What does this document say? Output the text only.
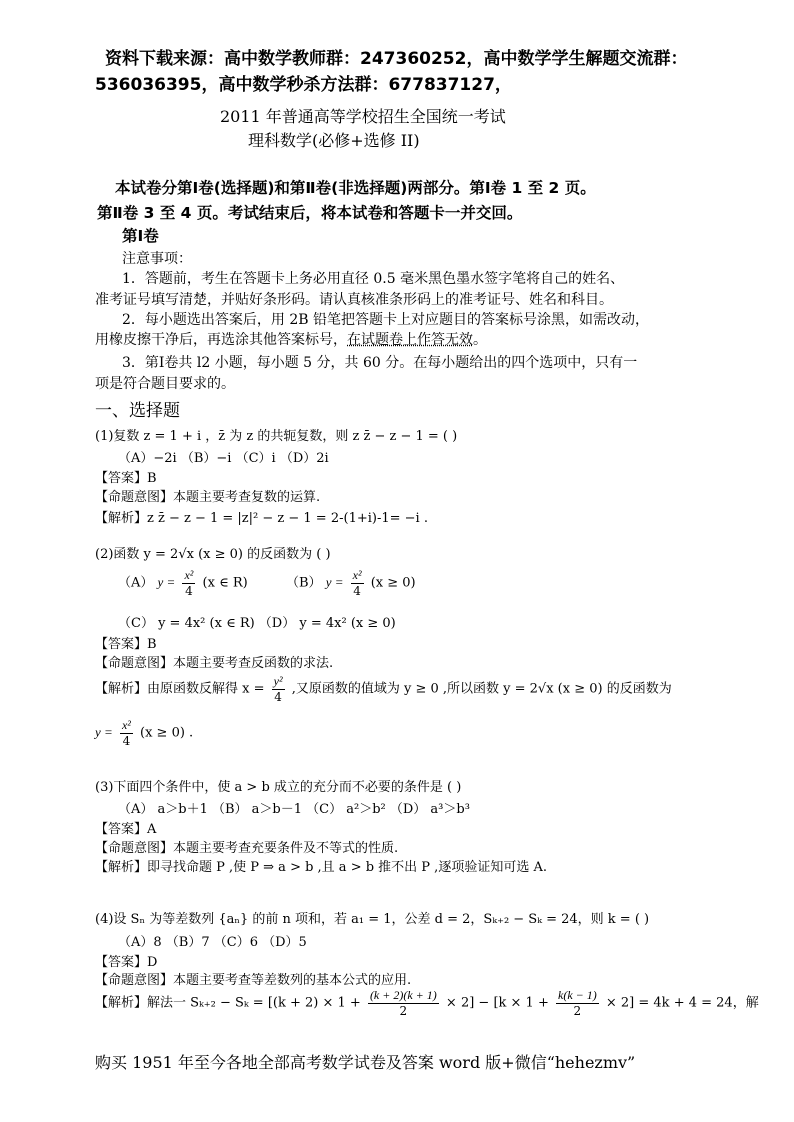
资料下载来源：高中数学教师群：247360252，高中数学学生解题交流群：
536036395，高中数学秒杀方法群：677837127，
2011 年普通高等学校招生全国统一考试
理科数学(必修+选修 II)
本试卷分第Ⅰ卷(选择题)和第Ⅱ卷(非选择题)两部分。第Ⅰ卷 1 至 2 页。
第Ⅱ卷 3 至 4 页。考试结束后，将本试卷和答题卡一并交回。
第Ⅰ卷
注意事项：
1．答题前，考生在答题卡上务必用直径 0.5 毫米黑色墨水签字笔将自己的姓名、
准考证号填写清楚，并贴好条形码。请认真核准条形码上的准考证号、姓名和科目。
2．每小题选出答案后，用 2B 铅笔把答题卡上对应题目的答案标号涂黑，如需改动，
用橡皮擦干净后，再选涂其他答案标号，在试题卷上作答无效。
3．第Ⅰ卷共 l2 小题，每小题 5 分，共 60 分。在每小题给出的四个选项中，只有一
项是符合题目要求的。
一、选择题
(1)复数 z = 1 + i ，z̄ 为 z 的共轭复数，则 z z̄ − z − 1 = ( )
（A）−2i （B）−i （C）i （D）2i
【答案】B
【命题意图】本题主要考查复数的运算.
【解析】z z̄ − z − 1 = |z|² − z − 1 = 2-(1+i)-1= −i .
(2)函数 y = 2√x (x ≥ 0) 的反函数为 ( )
（A） $y = \frac{\text{x²}}{4} (x$ ∈ R)	（B） $y = \frac{\text{x²}}{4} (x \ge 0)$
（C） y = 4x² (x ∈ R) （D） y = 4x² (x ≥ 0)
【答案】B
【命题意图】本题主要考查反函数的求法.
【解析】由原函数反解得 $x = \frac{\text{y²}}{4}$ ,又原函数的值域为 y ≥ 0 ,所以函数 y = 2√x (x ≥ 0) 的反函数为
$y = \frac{\text{x²}}{4} (x \ge 0)$ .
(3)下面四个条件中，使 a > b 成立的充分而不必要的条件是 ( )
（A） a＞b＋1 （B） a＞b－1 （C） a²＞b² （D） a³＞b³
【答案】A
【命题意图】本题主要考查充要条件及不等式的性质.
【解析】即寻找命题 P ,使 P ⇒ a > b ,且 a > b 推不出 P ,逐项验证知可选 A.
(4)设 Sₙ 为等差数列 {aₙ} 的前 n 项和，若 a₁ = 1，公差 d = 2，Sₖ₊₂ − Sₖ = 24，则 k = ( )
（A）8 （B）7 （C）6 （D）5
【答案】D
【命题意图】本题主要考查等差数列的基本公式的应用.
【解析】解法一 $S_{k+2} - S_k = [(k + 2) \times 1 + \frac{(k + 2)(k + 1)}{2} \times 2] - [k \times 1 + \frac{k(k - 1)}{2} \times 2] = 4k + 4 = 24$，解
购买 1951 年至今各地全部高考数学试卷及答案 word 版+微信“hehezmv”
